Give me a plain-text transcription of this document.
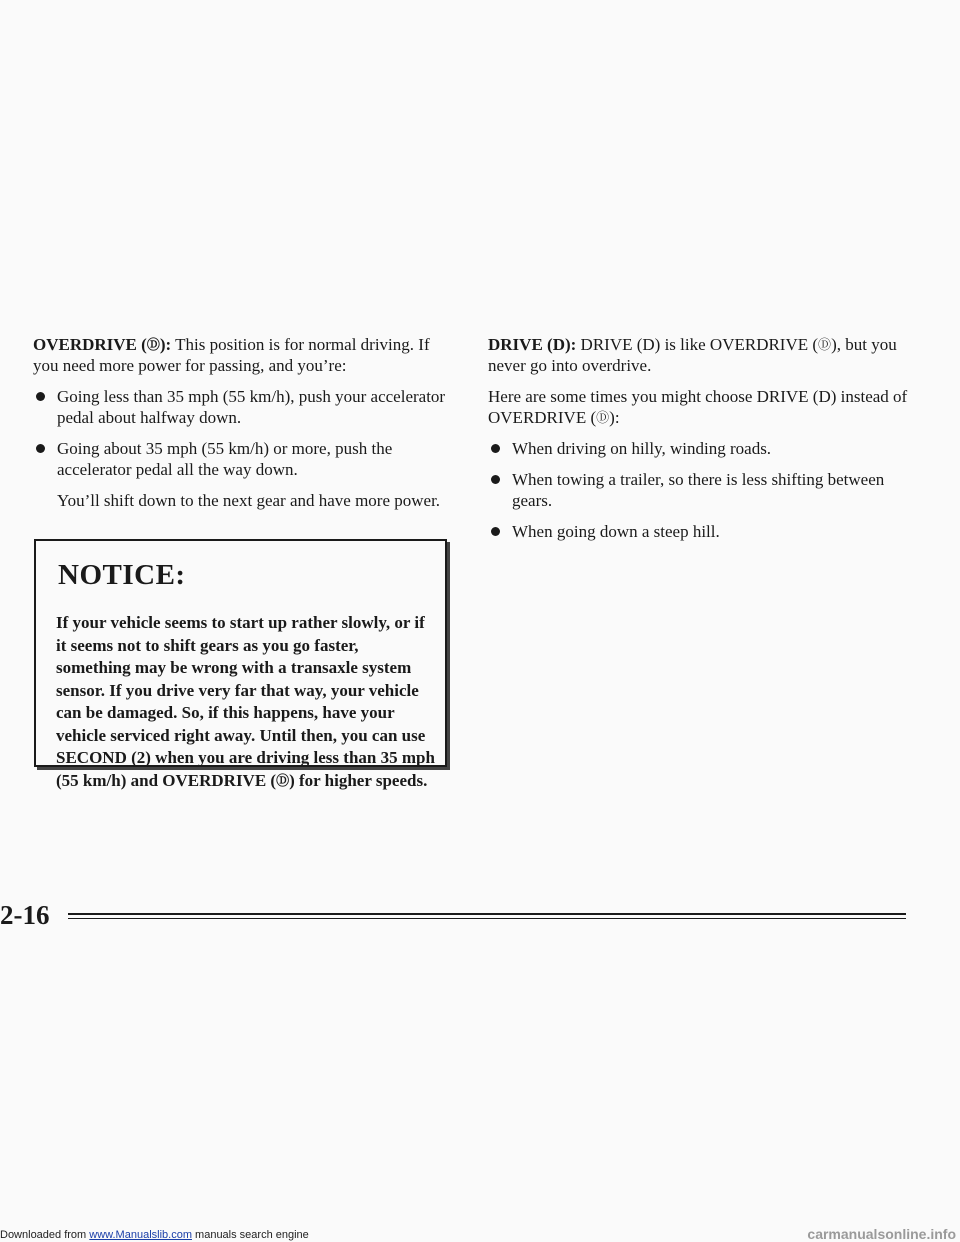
OVERDRIVE (Ⓓ): This position is for normal driving. If you need more power for passing, and you’re:

Going less than 35 mph (55 km/h), push your accelerator pedal about halfway down.
Going about 35 mph (55 km/h) or more, push the accelerator pedal all the way down.

You’ll shift down to the next gear and have more power.

NOTICE:

If your vehicle seems to start up rather slowly, or if it seems not to shift gears as you go faster, something may be wrong with a transaxle system sensor. If you drive very far that way, your vehicle can be damaged. So, if this happens, have your vehicle serviced right away. Until then, you can use SECOND (2) when you are driving less than 35 mph (55 km/h) and OVERDRIVE (Ⓓ) for higher speeds.

DRIVE (D): DRIVE (D) is like OVERDRIVE (Ⓓ), but you never go into overdrive.

Here are some times you might choose DRIVE (D) instead of OVERDRIVE (Ⓓ):

When driving on hilly, winding roads.
When towing a trailer, so there is less shifting between gears.
When going down a steep hill.

2-16

Downloaded from www.Manualslib.com manuals search engine	carmanualsonline.info
